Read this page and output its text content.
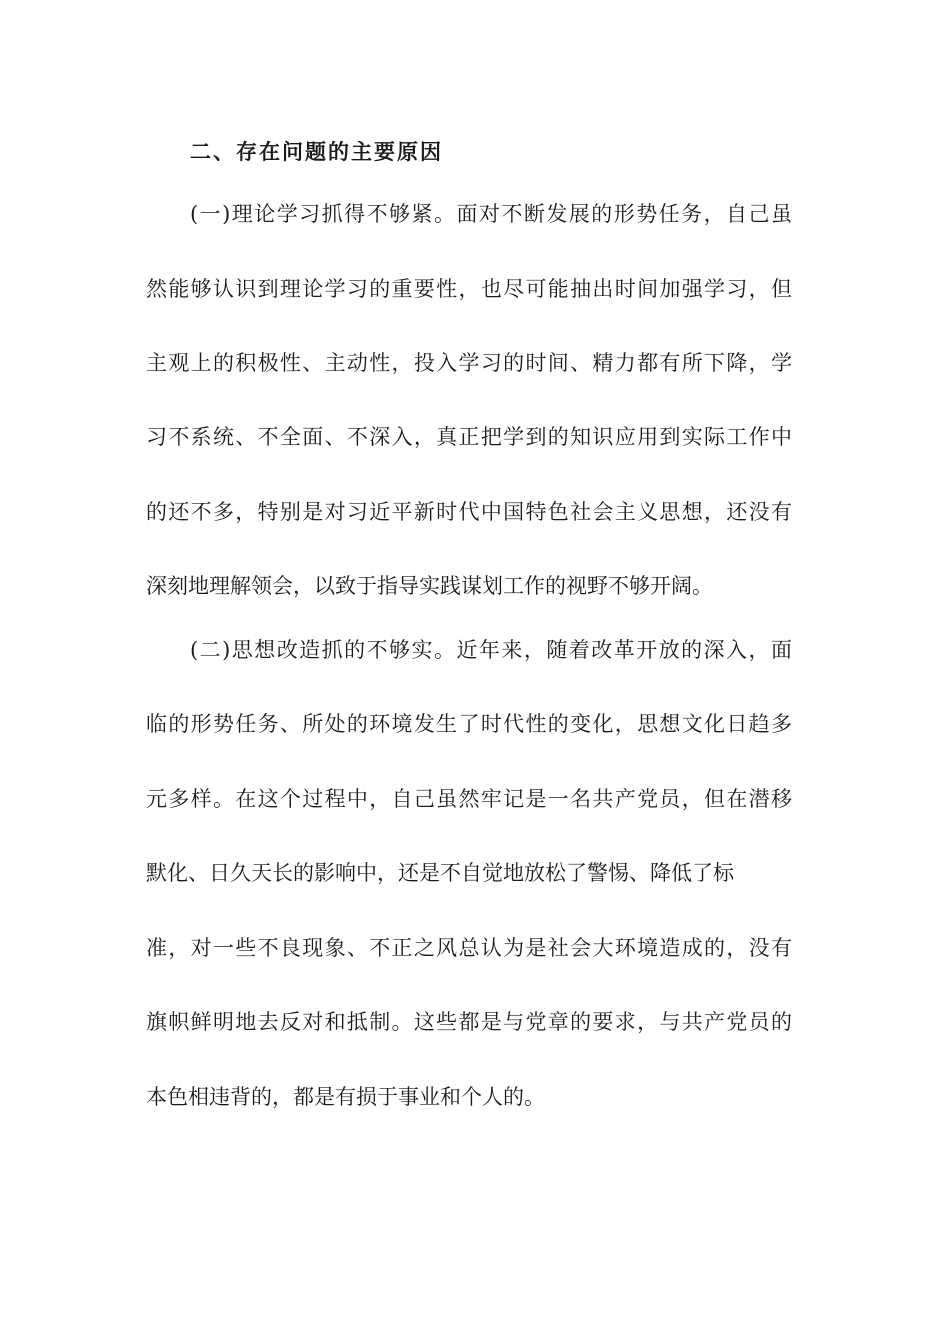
二、存在问题的主要原因
(一)理论学习抓得不够紧。面对不断发展的形势任务，自己虽
然能够认识到理论学习的重要性，也尽可能抽出时间加强学习，但
主观上的积极性、主动性，投入学习的时间、精力都有所下降，学
习不系统、不全面、不深入，真正把学到的知识应用到实际工作中
的还不多，特别是对习近平新时代中国特色社会主义思想，还没有
深刻地理解领会，以致于指导实践谋划工作的视野不够开阔。
(二)思想改造抓的不够实。近年来，随着改革开放的深入，面
临的形势任务、所处的环境发生了时代性的变化，思想文化日趋多
元多样。在这个过程中，自己虽然牢记是一名共产党员，但在潜移
默化、日久天长的影响中，还是不自觉地放松了警惕、降低了标
准，对一些不良现象、不正之风总认为是社会大环境造成的，没有
旗帜鲜明地去反对和抵制。这些都是与党章的要求，与共产党员的
本色相违背的，都是有损于事业和个人的。
